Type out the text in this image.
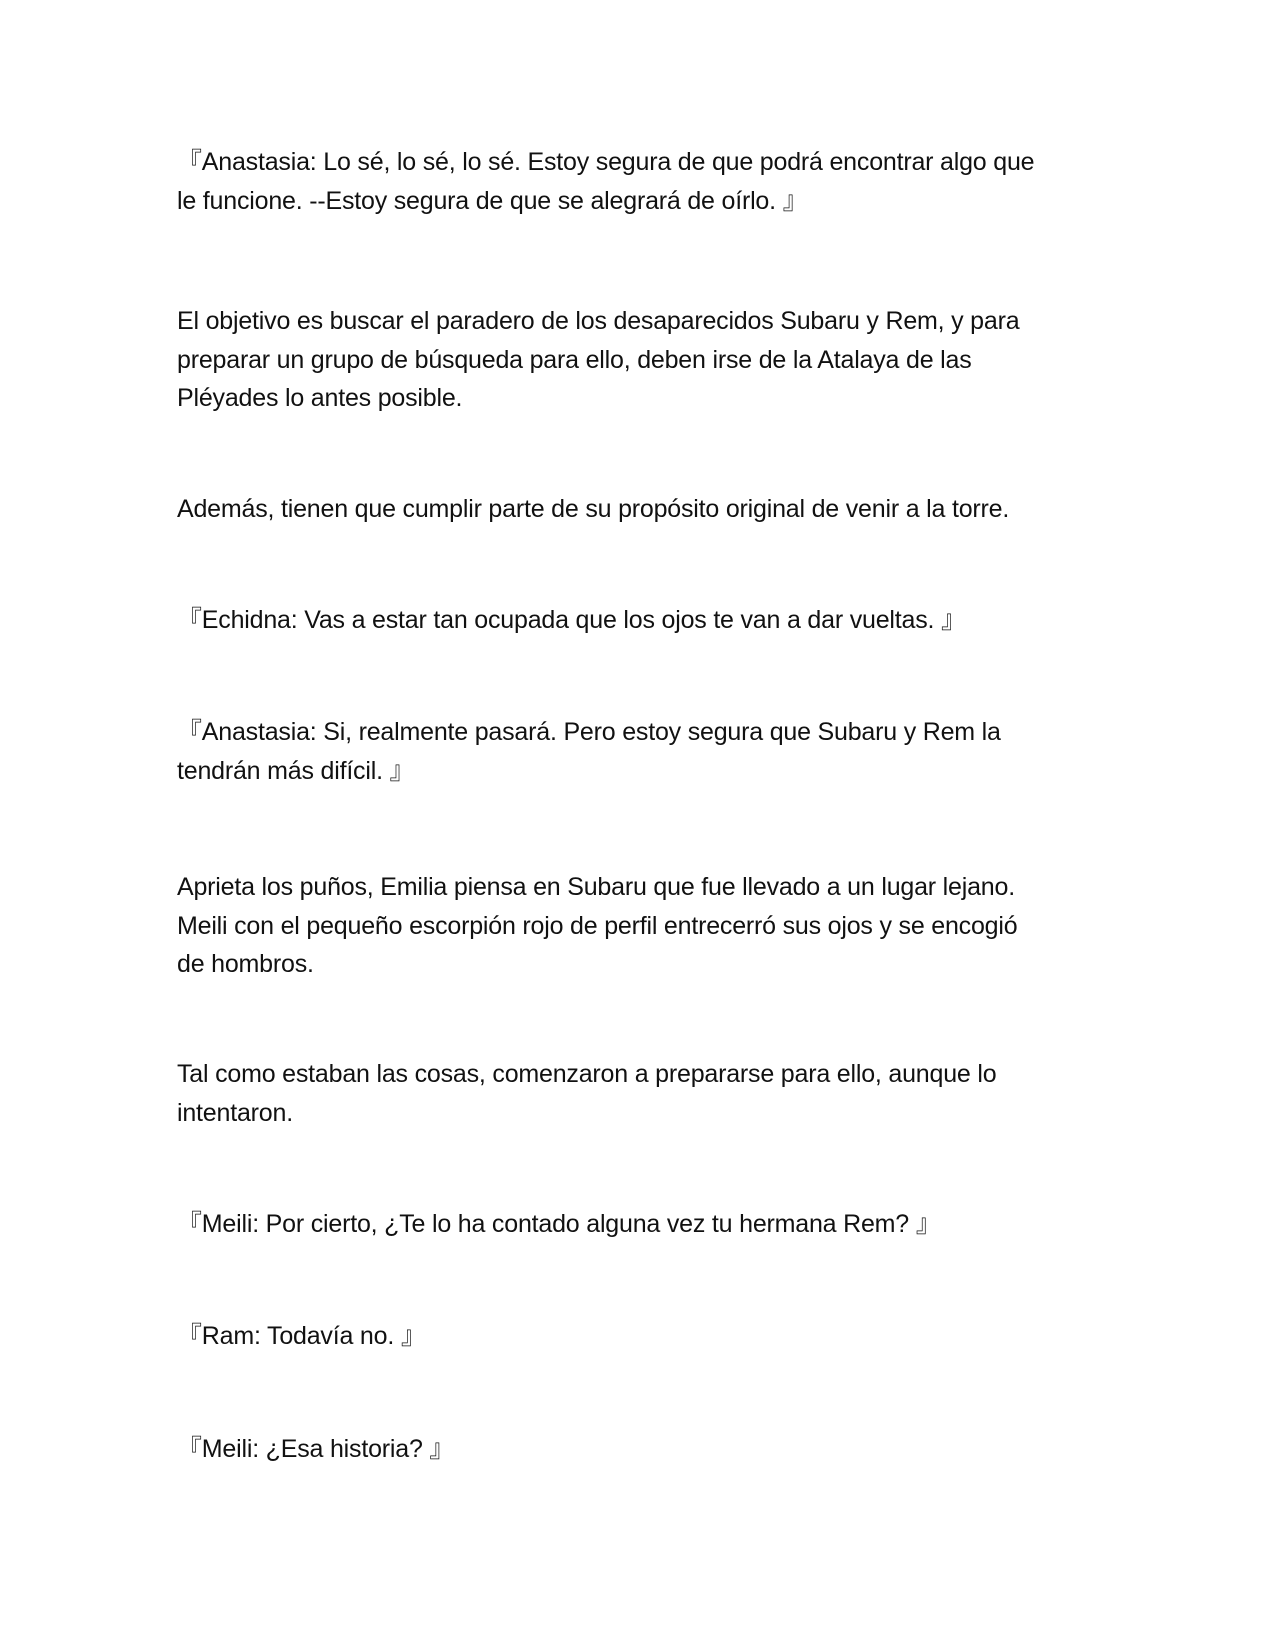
『Anastasia: Lo sé, lo sé, lo sé. Estoy segura de que podrá encontrar algo que
le funcione. --Estoy segura de que se alegrará de oírlo. 』

El objetivo es buscar el paradero de los desaparecidos Subaru y Rem, y para
preparar un grupo de búsqueda para ello, deben irse de la Atalaya de las
Pléyades lo antes posible.

Además, tienen que cumplir parte de su propósito original de venir a la torre.

『Echidna: Vas a estar tan ocupada que los ojos te van a dar vueltas. 』

『Anastasia: Si, realmente pasará. Pero estoy segura que Subaru y Rem la
tendrán más difícil. 』

Aprieta los puños, Emilia piensa en Subaru que fue llevado a un lugar lejano.
Meili con el pequeño escorpión rojo de perfil entrecerró sus ojos y se encogió
de hombros.

Tal como estaban las cosas, comenzaron a prepararse para ello, aunque lo
intentaron.

『Meili: Por cierto, ¿Te lo ha contado alguna vez tu hermana Rem? 』

『Ram: Todavía no. 』

『Meili: ¿Esa historia? 』
